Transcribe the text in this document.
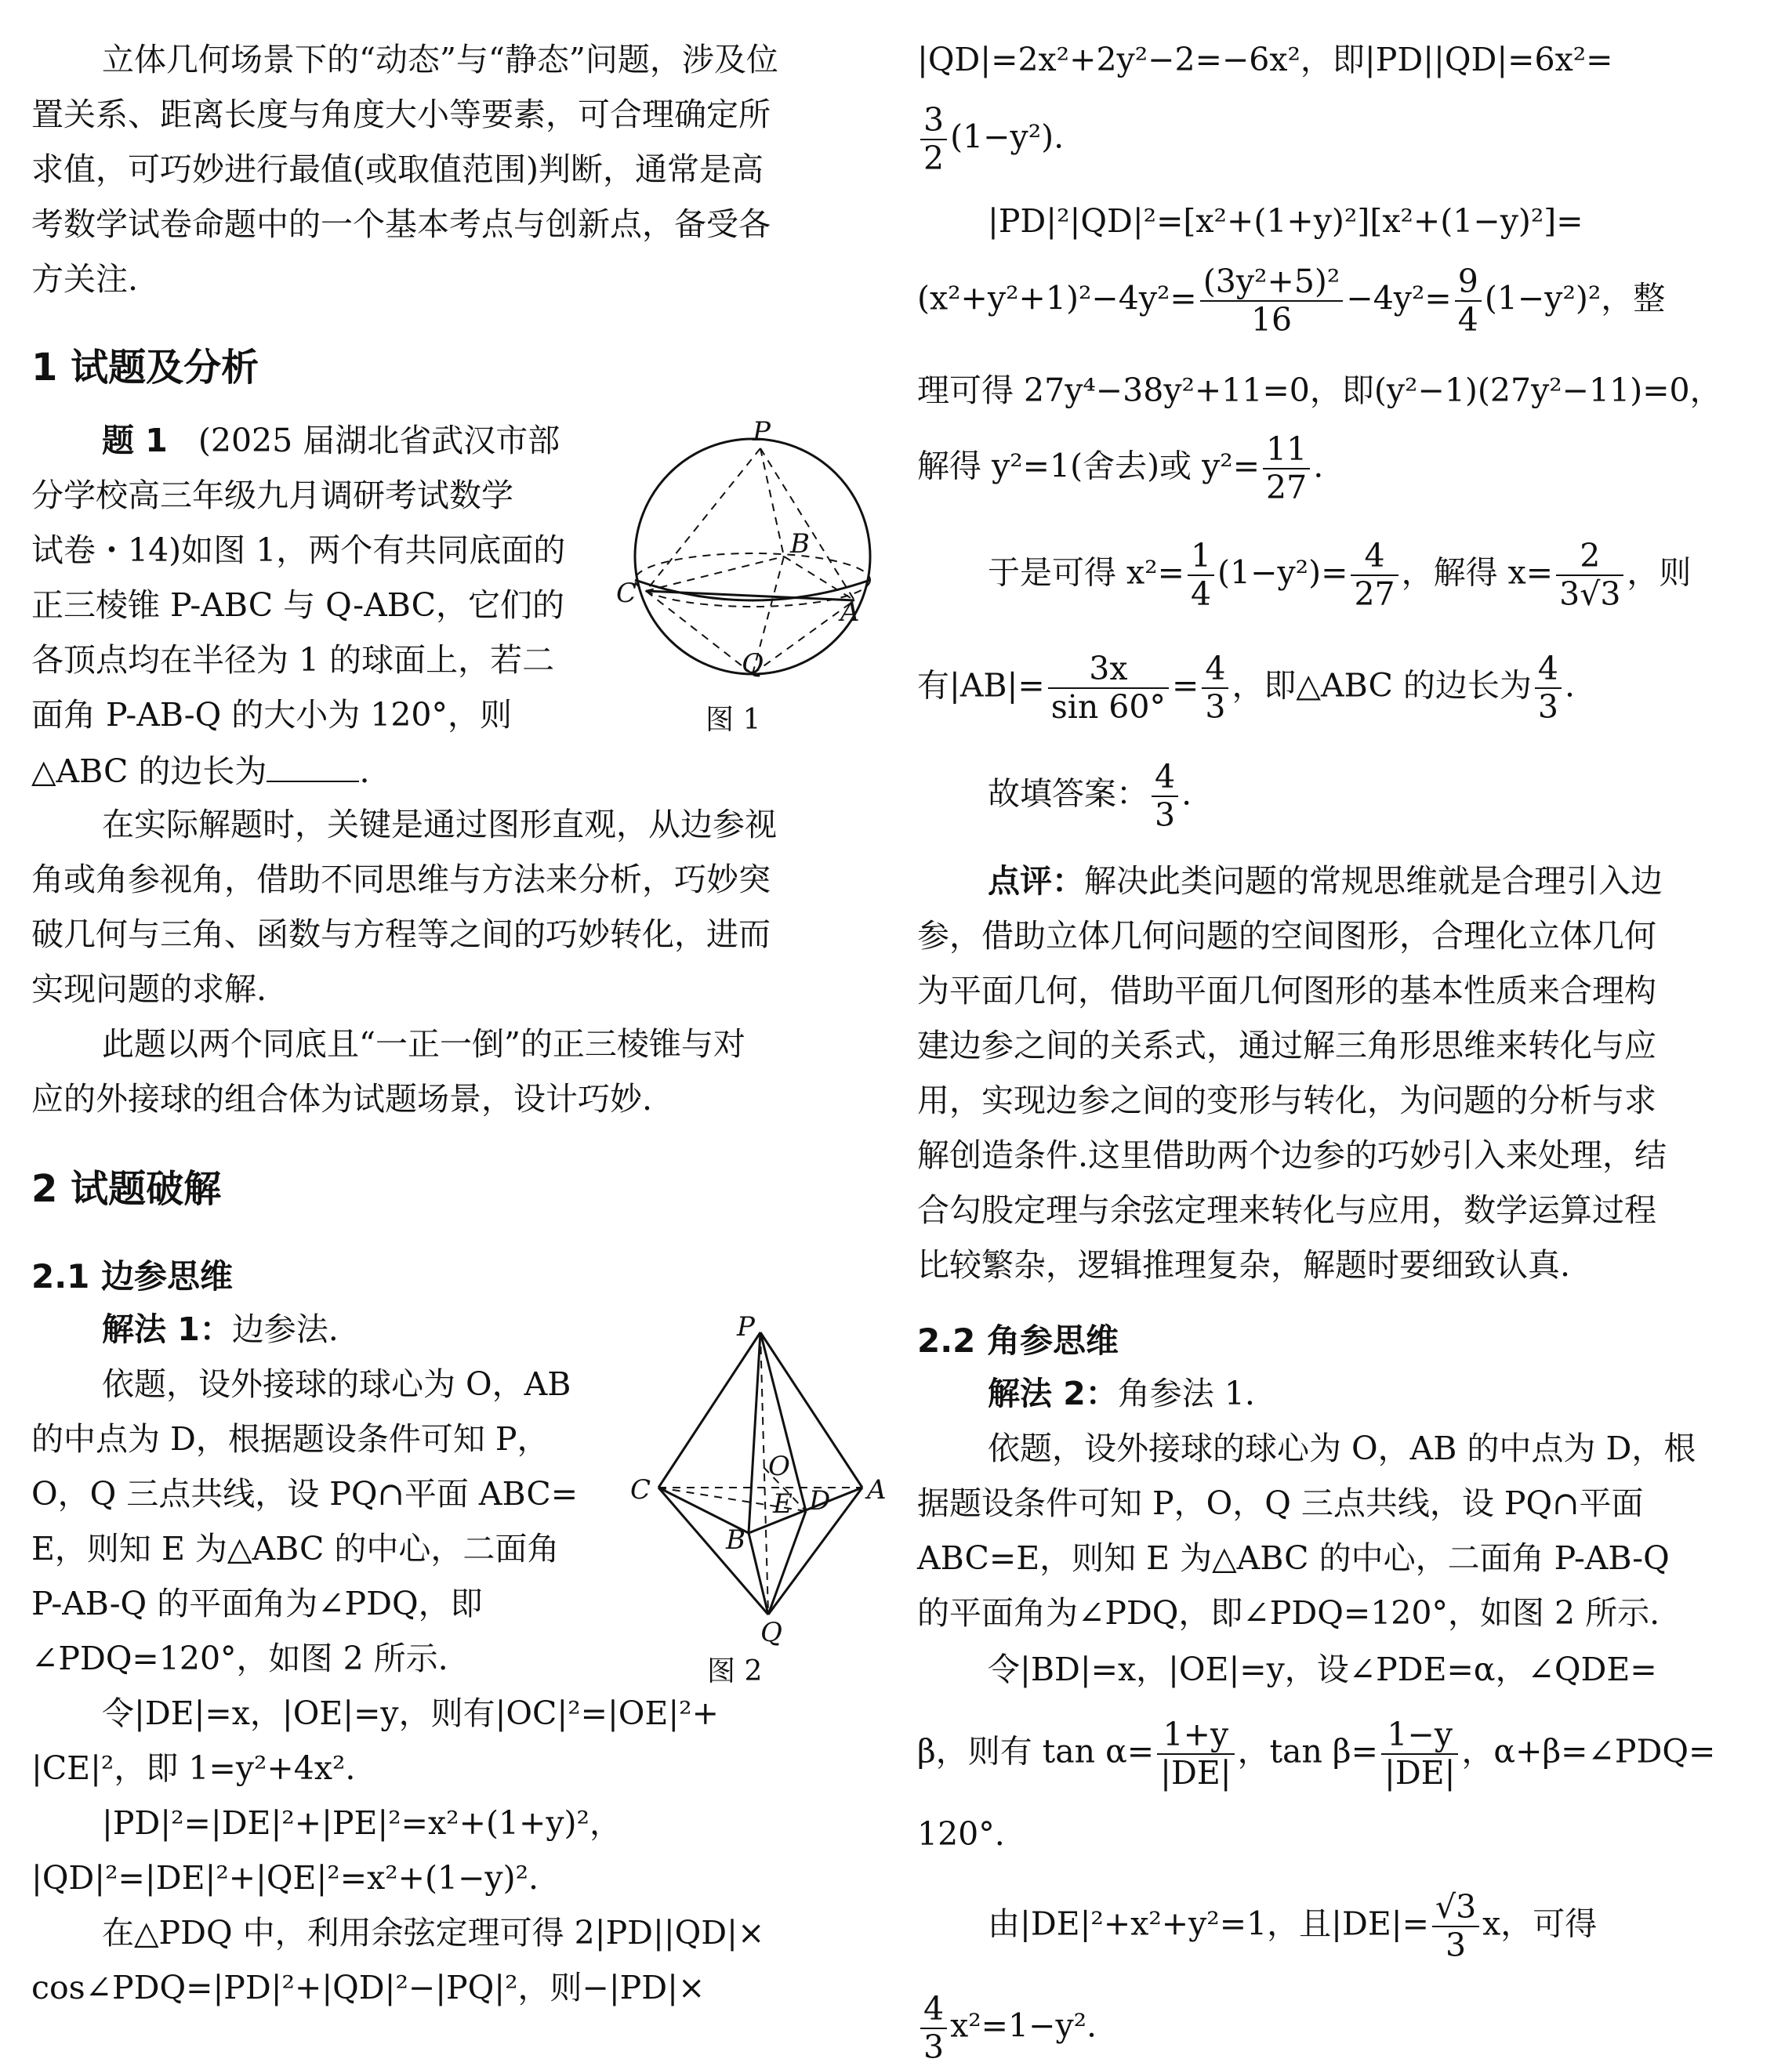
立体几何场景下的“动态”与“静态”问题，涉及位
置关系、距离长度与角度大小等要素，可合理确定所
求值，可巧妙进行最值(或取值范围)判断，通常是高
考数学试卷命题中的一个基本考点与创新点，备受各
方关注.
1 试题及分析
题 1 (2025 届湖北省武汉市部
分学校高三年级九月调研考试数学
试卷・14)如图 1，两个有共同底面的
正三棱锥 P-ABC 与 Q-ABC，它们的
各顶点均在半径为 1 的球面上，若二
面角 P-AB-Q 的大小为 120°，则
△ABC 的边长为	.
P
B
C
A
Q
图 1
在实际解题时，关键是通过图形直观，从边参视
角或角参视角，借助不同思维与方法来分析，巧妙突
破几何与三角、函数与方程等之间的巧妙转化，进而
实现问题的求解.
此题以两个同底且“一正一倒”的正三棱锥与对
应的外接球的组合体为试题场景，设计巧妙.
2 试题破解
2.1 边参思维
解法 1：边参法.
依题，设外接球的球心为 O，AB
的中点为 D，根据题设条件可知 P，
O，Q 三点共线，设 PQ∩平面 ABC=
E，则知 E 为△ABC 的中心，二面角
P-AB-Q 的平面角为∠PDQ，即
∠PDQ=120°，如图 2 所示.
P
O
C	E D A
B
Q
图 2
令|DE|=x，|OE|=y，则有|OC|²=|OE|²+
|CE|²，即 1=y²+4x².
|PD|²=|DE|²+|PE|²=x²+(1+y)²，
|QD|²=|DE|²+|QE|²=x²+(1−y)².
在△PDQ 中，利用余弦定理可得 2|PD||QD|×
cos∠PDQ=|PD|²+|QD|²−|PQ|²，则−|PD|×
|QD|=2x²+2y²−2=−6x²，即|PD||QD|=6x²=
$\frac{3}{2} (1-y^2)$.
|PD|²|QD|²=[x²+(1+y)²][x²+(1−y)²]=
$(x^2+y^2+1)^2-4y^2= \frac{\text{(3y²+5)²}}{16} -4y^2= \frac{9}{4} (1-y^2)^2$，整
理可得 27y⁴−38y²+11=0，即(y²−1)(27y²−11)=0，
解得 y²=1(舍去)或 $y^2= \frac{11}{27}$ .
于是可得 $x^2= \frac{1}{4} (1-y^2)= \frac{4}{27}$ ，解得 $x= \frac{2}{3√3}$ ，则
有$|AB|= \frac{3x}{\sin 60^\circ} = \frac{4}{3}$ ，即△ABC 的边长为 $\frac{4}{3}$ .
故填答案： $\frac{4}{3}$ .
点评：解决此类问题的常规思维就是合理引入边
参，借助立体几何问题的空间图形，合理化立体几何
为平面几何，借助平面几何图形的基本性质来合理构
建边参之间的关系式，通过解三角形思维来转化与应
用，实现边参之间的变形与转化，为问题的分析与求
解创造条件.这里借助两个边参的巧妙引入来处理，结
合勾股定理与余弦定理来转化与应用，数学运算过程
比较繁杂，逻辑推理复杂，解题时要细致认真.
2.2 角参思维
解法 2：角参法 1.
依题，设外接球的球心为 O，AB 的中点为 D，根
据题设条件可知 P，O，Q 三点共线，设 PQ∩平面
ABC=E，则知 E 为△ABC 的中心，二面角 P-AB-Q
的平面角为∠PDQ，即∠PDQ=120°，如图 2 所示.
令|BD|=x，|OE|=y，设∠PDE=α，∠QDE=
β，则有 $\tan \alpha= \frac{1+y}{|DE|}$ ，$\tan \beta= \frac{1-y}{|DE|}$ ，α+β=∠PDQ=
120°.
由|DE|²+x²+y²=1，且$|DE|= \frac{√3}{3}$ x，可得
$\frac{4}{3} x^2=1-y^2$.
